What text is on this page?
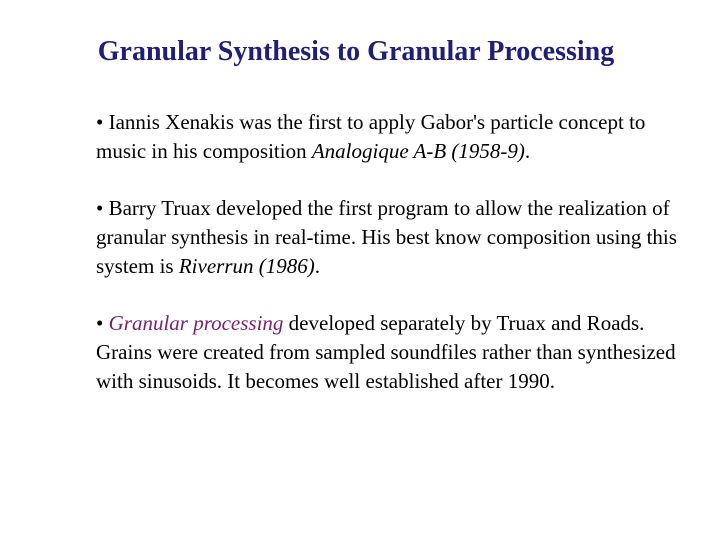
Granular Synthesis to Granular Processing

• Iannis Xenakis was the first to apply Gabor's particle concept to music in his composition Analogique A-B (1958-9).

• Barry Truax developed the first program to allow the realization of granular synthesis in real-time. His best know composition using this system is Riverrun (1986).

• Granular processing developed separately by Truax and Roads. Grains were created from sampled soundfiles rather than synthesized with sinusoids. It becomes well established after 1990.
